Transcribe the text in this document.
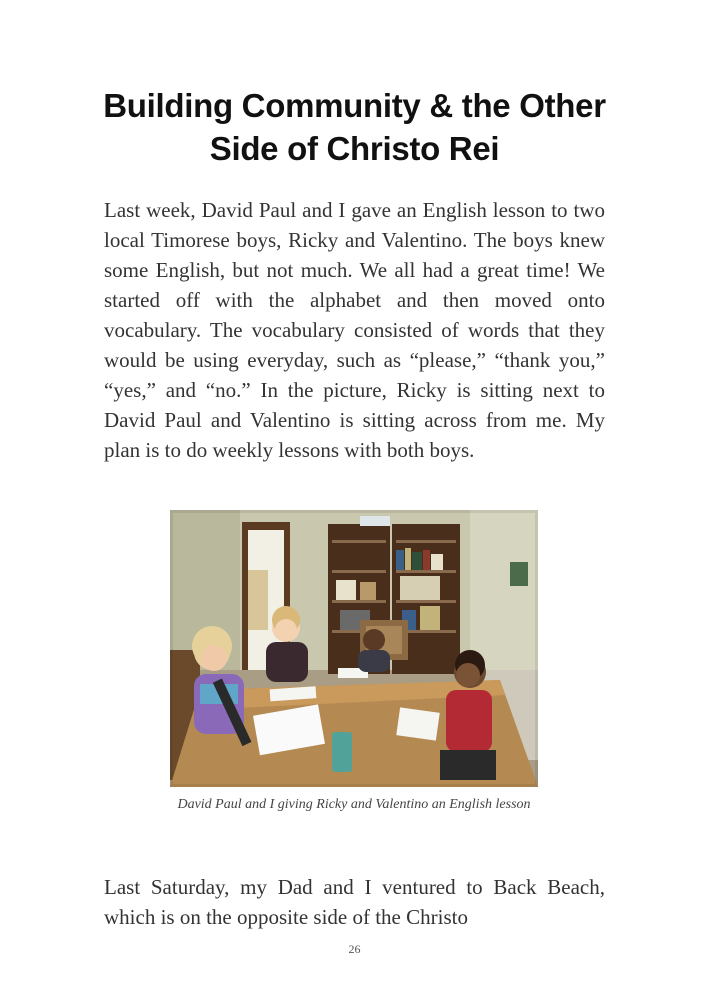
Building Community & the Other Side of Christo Rei

Last week, David Paul and I gave an English lesson to two local Timorese boys, Ricky and Valentino. The boys knew some English, but not much. We all had a great time! We started off with the alphabet and then moved onto vocabulary. The vocabulary consisted of words that they would be using everyday, such as “please,” “thank you,” “yes,” and “no.” In the picture, Ricky is sitting next to David Paul and Valentino is sitting across from me. My plan is to do weekly lessons with both boys.

David Paul and I giving Ricky and Valentino an English lesson

Last Saturday, my Dad and I ventured to Back Beach, which is on the opposite side of the Christo

26
